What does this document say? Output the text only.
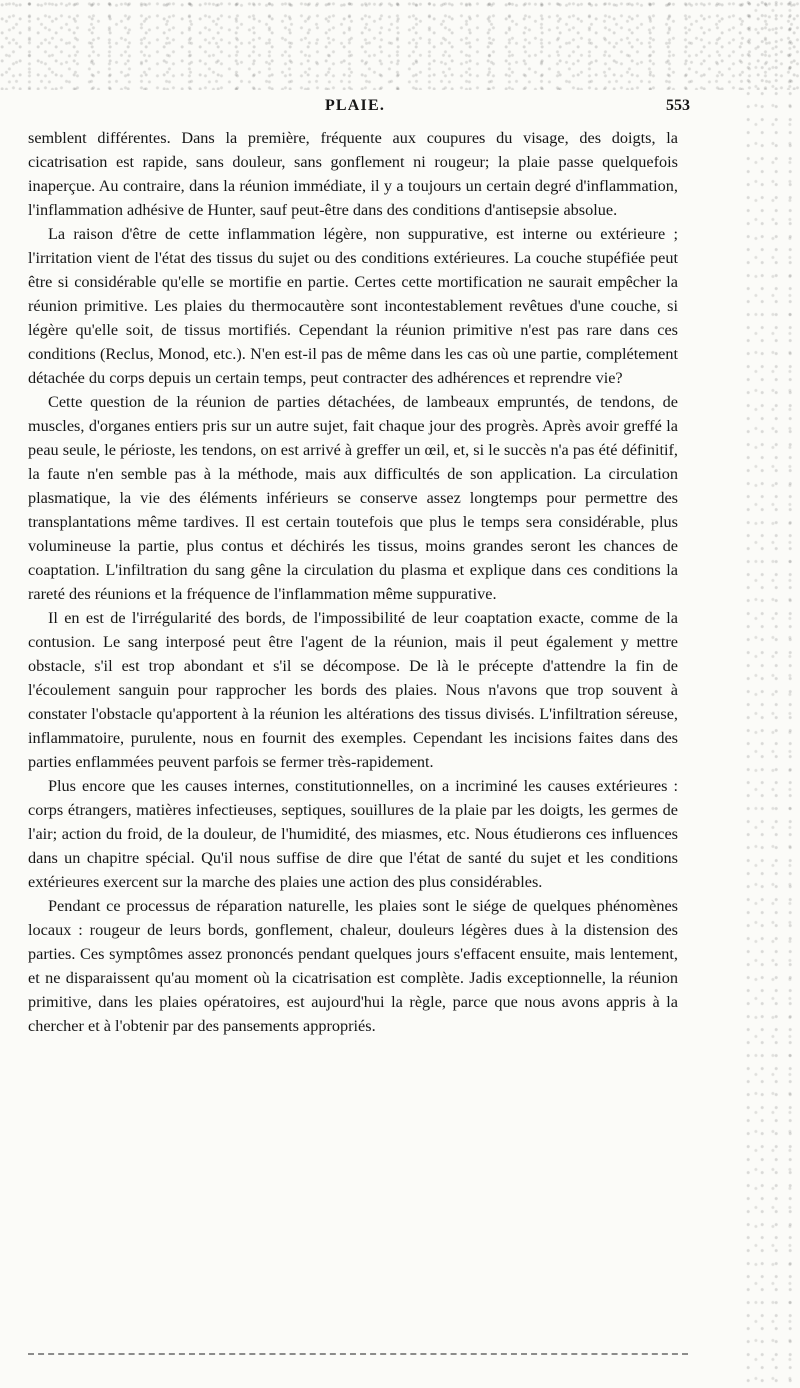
PLAIE.	553

semblent différentes. Dans la première, fréquente aux coupures du visage, des doigts, la cicatrisation est rapide, sans douleur, sans gonflement ni rougeur; la plaie passe quelquefois inaperçue. Au contraire, dans la réunion immédiate, il y a toujours un certain degré d'inflammation, l'inflammation adhésive de Hunter, sauf peut-être dans des conditions d'antisepsie absolue.

La raison d'être de cette inflammation légère, non suppurative, est interne ou extérieure ; l'irritation vient de l'état des tissus du sujet ou des conditions extérieures. La couche stupéfiée peut être si considérable qu'elle se mortifie en partie. Certes cette mortification ne saurait empêcher la réunion primitive. Les plaies du thermocautère sont incontestablement revêtues d'une couche, si légère qu'elle soit, de tissus mortifiés. Cependant la réunion primitive n'est pas rare dans ces conditions (Reclus, Monod, etc.). N'en est-il pas de même dans les cas où une partie, complétement détachée du corps depuis un certain temps, peut contracter des adhérences et reprendre vie?

Cette question de la réunion de parties détachées, de lambeaux empruntés, de tendons, de muscles, d'organes entiers pris sur un autre sujet, fait chaque jour des progrès. Après avoir greffé la peau seule, le périoste, les tendons, on est arrivé à greffer un œil, et, si le succès n'a pas été définitif, la faute n'en semble pas à la méthode, mais aux difficultés de son application. La circulation plasmatique, la vie des éléments inférieurs se conserve assez longtemps pour permettre des transplantations même tardives. Il est certain toutefois que plus le temps sera considérable, plus volumineuse la partie, plus contus et déchirés les tissus, moins grandes seront les chances de coaptation. L'infiltration du sang gêne la circulation du plasma et explique dans ces conditions la rareté des réunions et la fréquence de l'inflammation même suppurative.

Il en est de l'irrégularité des bords, de l'impossibilité de leur coaptation exacte, comme de la contusion. Le sang interposé peut être l'agent de la réunion, mais il peut également y mettre obstacle, s'il est trop abondant et s'il se décompose. De là le précepte d'attendre la fin de l'écoulement sanguin pour rapprocher les bords des plaies. Nous n'avons que trop souvent à constater l'obstacle qu'apportent à la réunion les altérations des tissus divisés. L'infiltration séreuse, inflammatoire, purulente, nous en fournit des exemples. Cependant les incisions faites dans des parties enflammées peuvent parfois se fermer très-rapidement.

Plus encore que les causes internes, constitutionnelles, on a incriminé les causes extérieures : corps étrangers, matières infectieuses, septiques, souillures de la plaie par les doigts, les germes de l'air; action du froid, de la douleur, de l'humidité, des miasmes, etc. Nous étudierons ces influences dans un chapitre spécial. Qu'il nous suffise de dire que l'état de santé du sujet et les conditions extérieures exercent sur la marche des plaies une action des plus considérables.

Pendant ce processus de réparation naturelle, les plaies sont le siége de quelques phénomènes locaux : rougeur de leurs bords, gonflement, chaleur, douleurs légères dues à la distension des parties. Ces symptômes assez prononcés pendant quelques jours s'effacent ensuite, mais lentement, et ne disparaissent qu'au moment où la cicatrisation est complète. Jadis exceptionnelle, la réunion primitive, dans les plaies opératoires, est aujourd'hui la règle, parce que nous avons appris à la chercher et à l'obtenir par des pansements appropriés.
